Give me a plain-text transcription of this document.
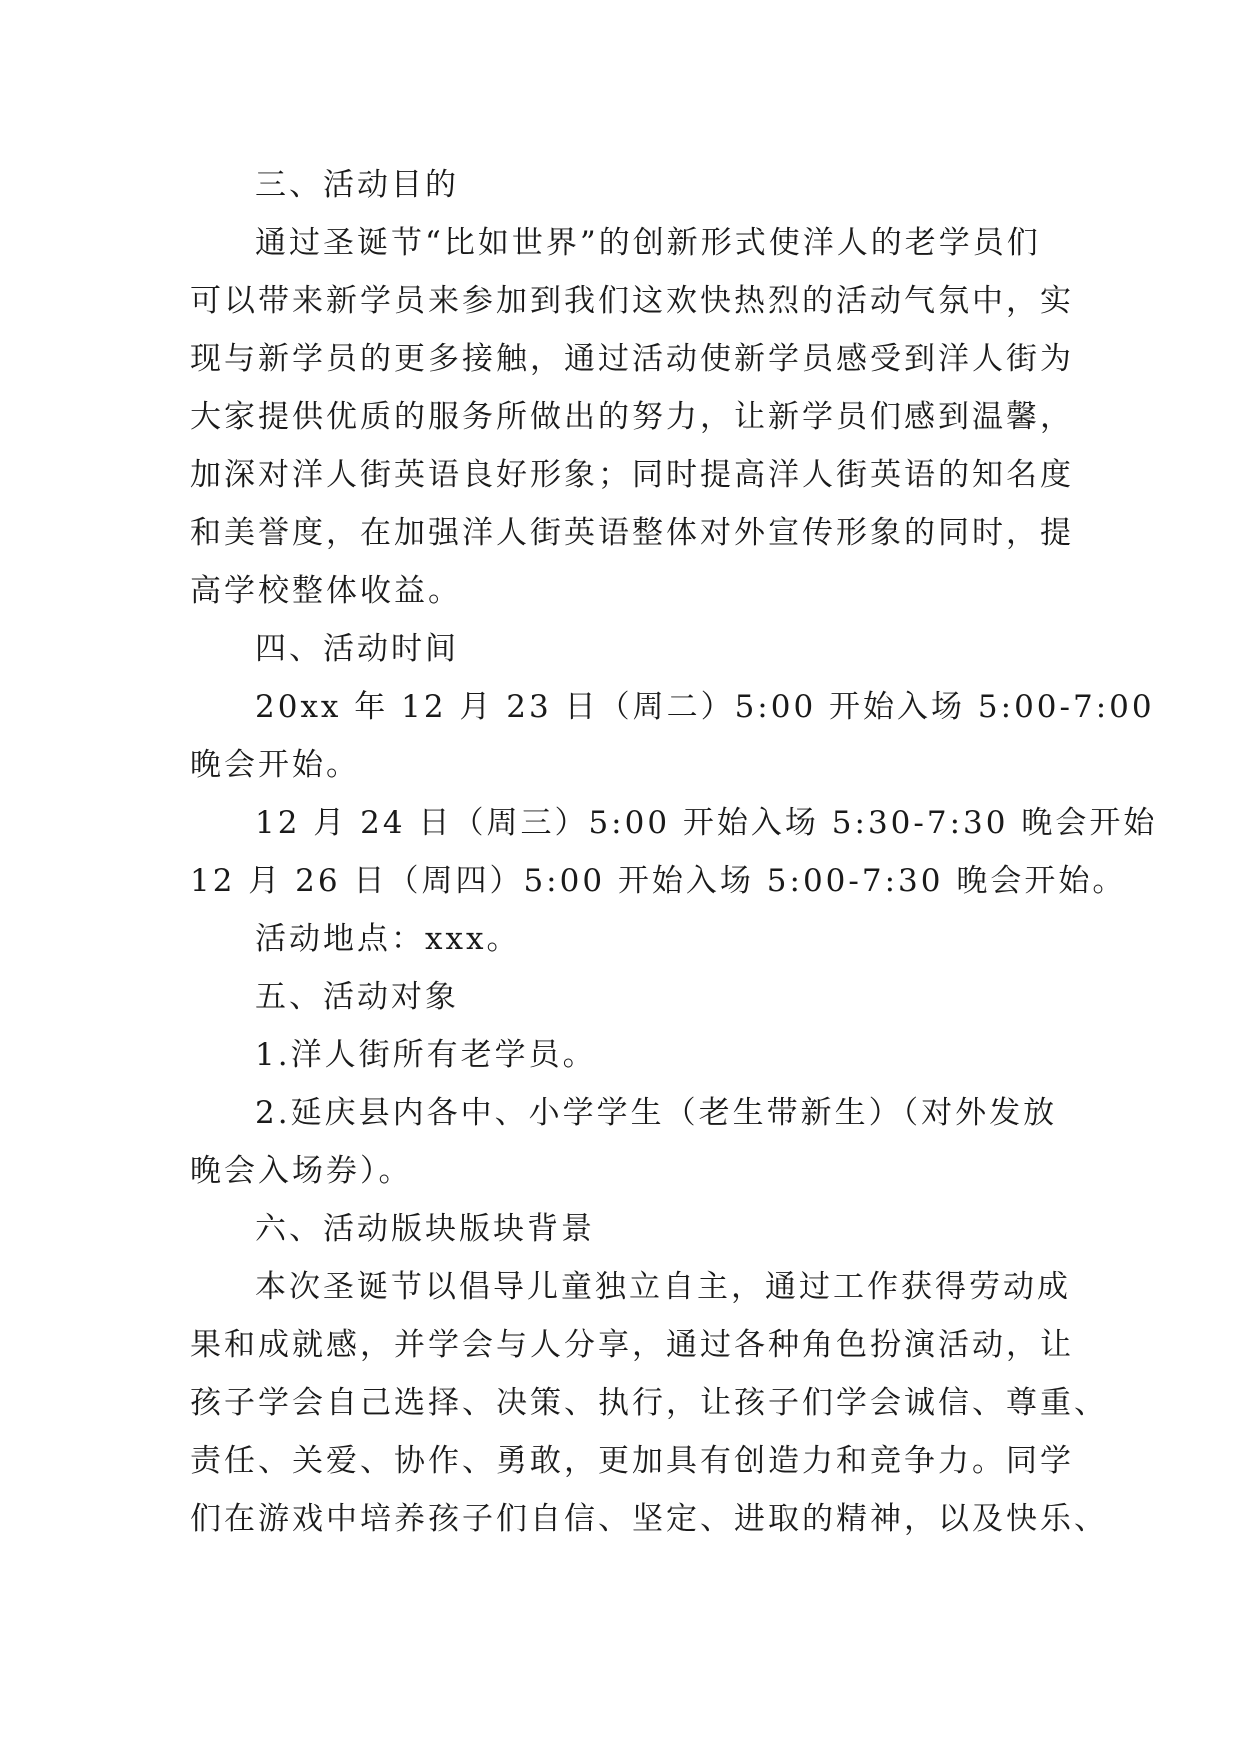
三、活动目的
通过圣诞节“比如世界”的创新形式使洋人的老学员们
可以带来新学员来参加到我们这欢快热烈的活动气氛中，实
现与新学员的更多接触，通过活动使新学员感受到洋人街为
大家提供优质的服务所做出的努力，让新学员们感到温馨，
加深对洋人街英语良好形象；同时提高洋人街英语的知名度
和美誉度，在加强洋人街英语整体对外宣传形象的同时，提
高学校整体收益。
四、活动时间
20xx 年 12 月 23 日（周二）5:00 开始入场 5:00-7:00
晚会开始。
12 月 24 日（周三）5:00 开始入场 5:30-7:30 晚会开始
12 月 26 日（周四）5:00 开始入场 5:00-7:30 晚会开始。
活动地点：xxx。
五、活动对象
1.洋人街所有老学员。
2.延庆县内各中、小学学生（老生带新生）（对外发放
晚会入场券）。
六、活动版块版块背景
本次圣诞节以倡导儿童独立自主，通过工作获得劳动成
果和成就感，并学会与人分享，通过各种角色扮演活动，让
孩子学会自己选择、决策、执行，让孩子们学会诚信、尊重、
责任、关爱、协作、勇敢，更加具有创造力和竞争力。同学
们在游戏中培养孩子们自信、坚定、进取的精神，以及快乐、
